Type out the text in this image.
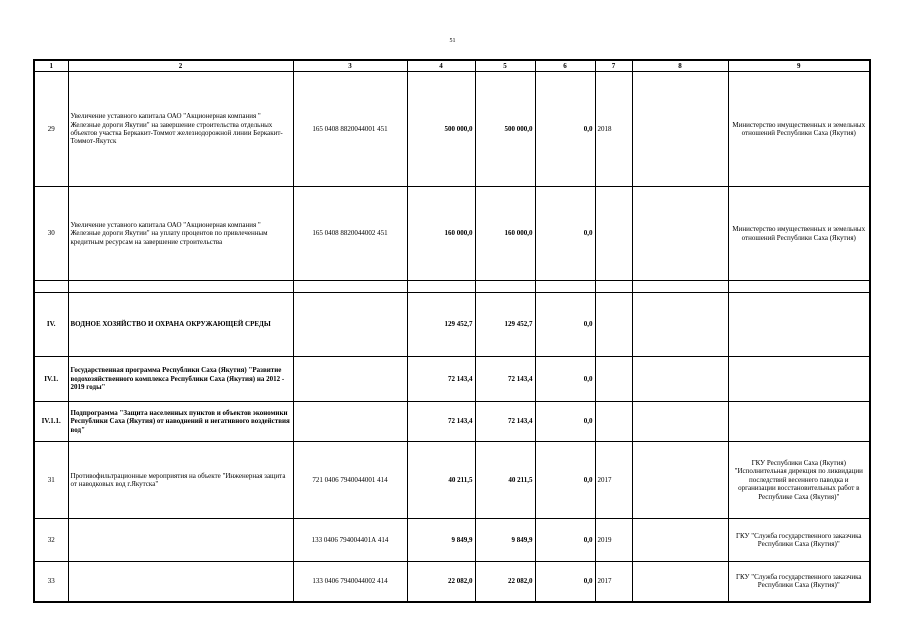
51
1	2	3	4	5	6	7	8	9
29	Увеличение уставного капитала ОАО "Акционерная компания " Железные дороги Якутии" на завершение строительства отдельных объектов участка Беркакит-Томмот железнодорожной линии Беркакит-Томмот-Якутск	165 0408 8820044001 451	500 000,0	500 000,0	0,0	2018		Министерство имущественных и земельных отношений Республики Саха (Якутия)
30	Увеличение уставного капитала ОАО "Акционерная компания " Железные дороги Якутии" на уплату процентов по привлеченным кредитным ресурсам на завершение строительства	165 0408 8820044002 451	160 000,0	160 000,0	0,0			Министерство имущественных и земельных отношений Республики Саха (Якутия)

IV.	ВОДНОЕ ХОЗЯЙСТВО И ОХРАНА ОКРУЖАЮЩЕЙ СРЕДЫ		129 452,7	129 452,7	0,0			
IV.1.	Государственная программа Республики Саха (Якутия) "Развитие водохозяйственного комплекса Республики Саха (Якутия) на 2012 - 2019 годы"		72 143,4	72 143,4	0,0			
IV.1.1.	Подпрограмма "Защита населенных пунктов и объектов экономики Республики Саха (Якутия) от наводнений и негативного воздействия вод"		72 143,4	72 143,4	0,0			
31	Противофильтрационные мероприятия на объекте "Инженерная защита от наводковых вод г.Якутска"	721 0406 7940044001 414	40 211,5	40 211,5	0,0	2017		ГКУ Республики Саха (Якутия) "Исполнительная дирекция по ликвидации последствий весеннего паводка и организации восстановительных работ в Республике Саха (Якутия)"
32		133 0406 794004401А 414	9 849,9	9 849,9	0,0	2019		ГКУ "Служба государственного заказчика Республики Саха (Якутия)"
33		133 0406 7940044002 414	22 082,0	22 082,0	0,0	2017		ГКУ "Служба государственного заказчика Республики Саха (Якутия)"
